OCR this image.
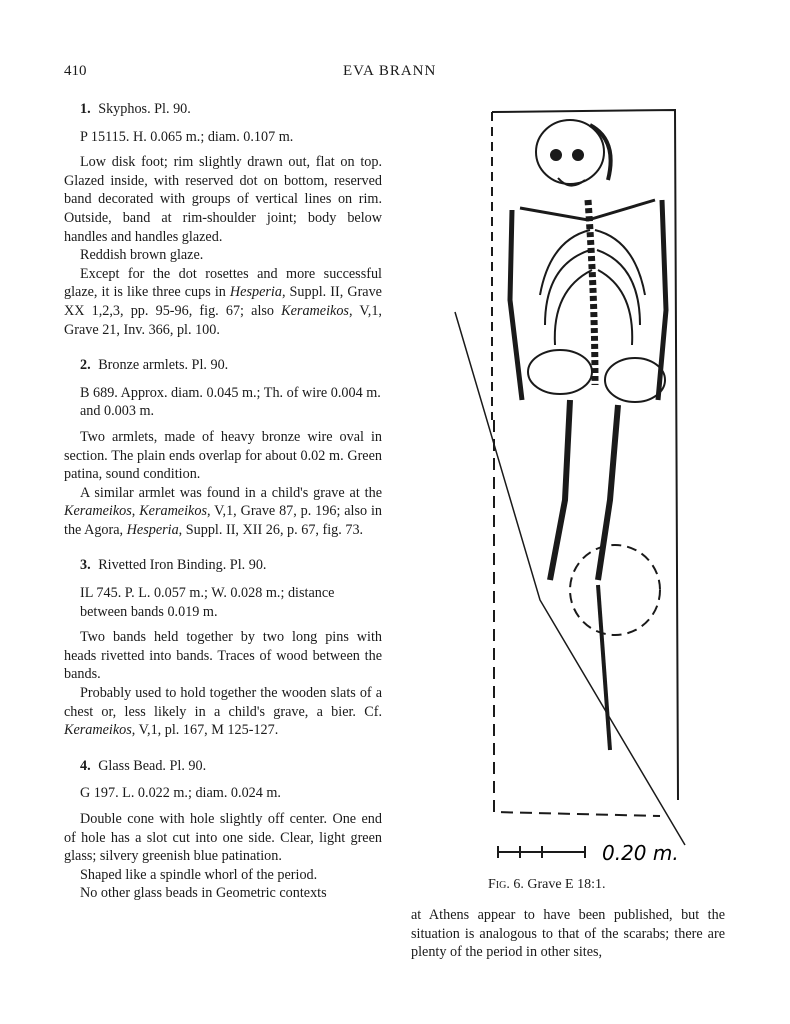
410	EVA BRANN
1. Skyphos. Pl. 90.
P 15115. H. 0.065 m.; diam. 0.107 m.

Low disk foot; rim slightly drawn out, flat on top. Glazed inside, with reserved dot on bottom, reserved band decorated with groups of vertical lines on rim. Outside, band at rim-shoulder joint; body below handles and handles glazed.

Reddish brown glaze.

Except for the dot rosettes and more successful glaze, it is like three cups in Hesperia, Suppl. II, Grave XX 1,2,3, pp. 95-96, fig. 67; also Kerameikos, V,1, Grave 21, Inv. 366, pl. 100.

2. Bronze armlets. Pl. 90.
B 689. Approx. diam. 0.045 m.; Th. of wire 0.004 m. and 0.003 m.

Two armlets, made of heavy bronze wire oval in section. The plain ends overlap for about 0.02 m. Green patina, sound condition.

A similar armlet was found in a child's grave at the Kerameikos, Kerameikos, V,1, Grave 87, p. 196; also in the Agora, Hesperia, Suppl. II, XII 26, p. 67, fig. 73.

3. Rivetted Iron Binding. Pl. 90.
IL 745. P. L. 0.057 m.; W. 0.028 m.; distance between bands 0.019 m.

Two bands held together by two long pins with heads rivetted into bands. Traces of wood between the bands.

Probably used to hold together the wooden slats of a chest or, less likely in a child's grave, a bier. Cf. Kerameikos, V,1, pl. 167, M 125-127.

4. Glass Bead. Pl. 90.
G 197. L. 0.022 m.; diam. 0.024 m.

Double cone with hole slightly off center. One end of hole has a slot cut into one side. Clear, light green glass; silvery greenish blue patination.

Shaped like a spindle whorl of the period.

No other glass beads in Geometric contexts

0.20 m.
Fig. 6. Grave E 18:1.
at Athens appear to have been published, but the situation is analogous to that of the scarabs; there are plenty of the period in other sites,
